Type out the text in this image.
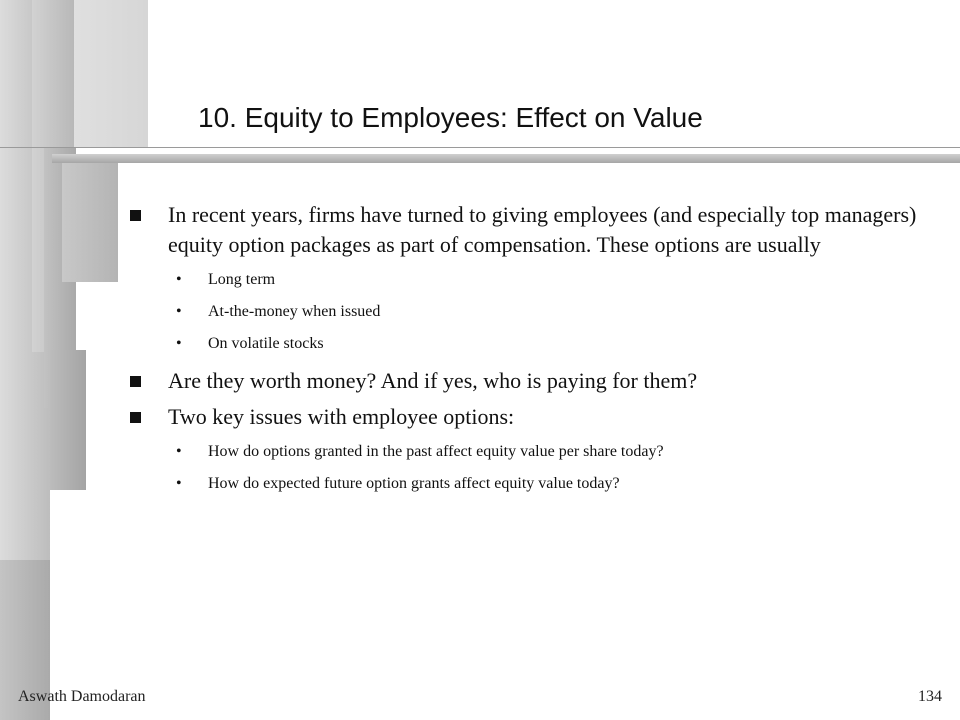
10. Equity to Employees: Effect on Value

In recent years, firms have turned to giving employees (and especially top managers) equity option packages as part of compensation. These options are usually

• Long term

• At-the-money when issued

• On volatile stocks

Are they worth money? And if yes, who is paying for them?

Two key issues with employee options:

• How do options granted in the past affect equity value per share today?

• How do expected future option grants affect equity value today?

Aswath Damodaran	134
